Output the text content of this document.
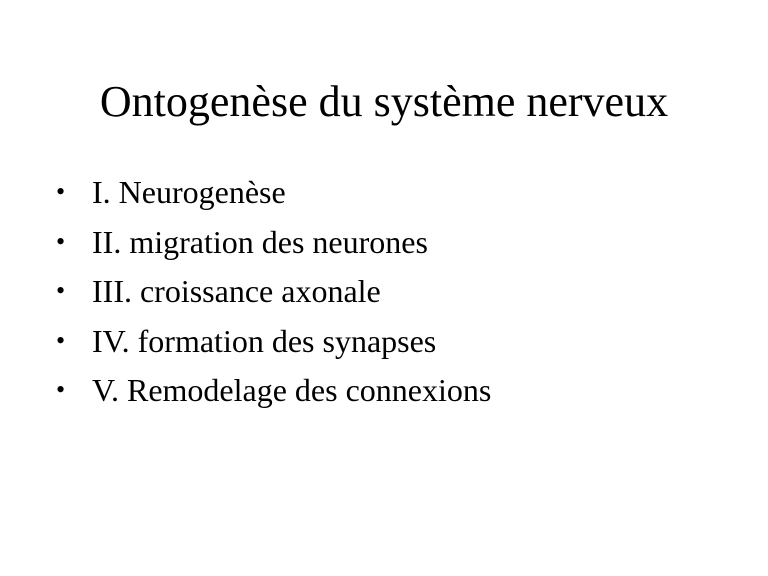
Ontogenèse du système nerveux
• I. Neurogenèse
• II. migration des neurones
• III. croissance axonale
• IV. formation des synapses
• V. Remodelage des connexions
